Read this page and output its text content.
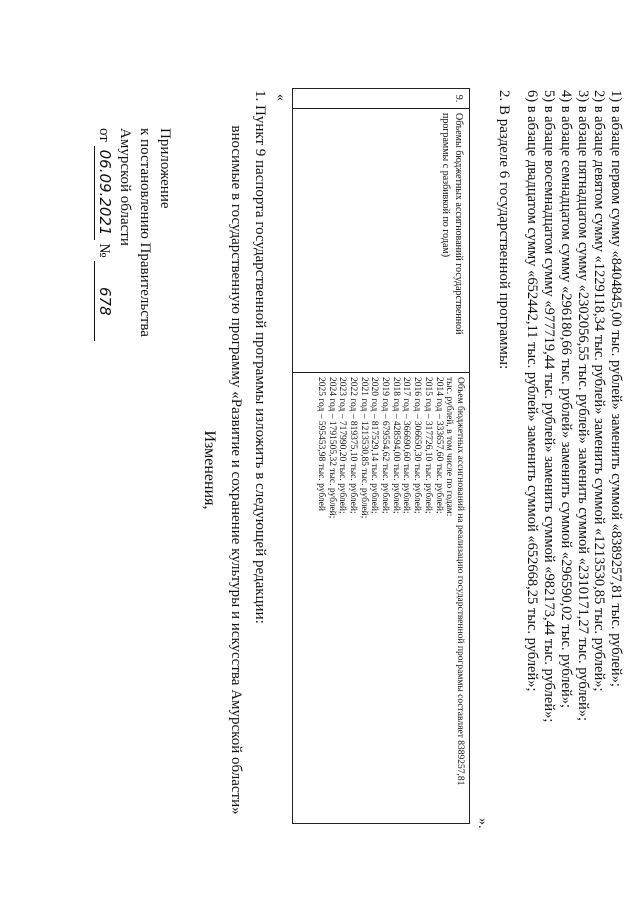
Приложение
к постановлению Правительства
Амурской области
от 06.09.2021 № 678
Изменения, вносимые в государственную программу «Развитие и сохранение культуры и искусства Амурской области» 1. Пункт 9 паспорта государственной программы изложить в следующей редакции: «	9.
Объемы бюджетных ассигнований государственной программы с разбивкой по годам)
Объем бюджетных ассигнований на реализацию государственной программы составляет 8389257,81
тыс. рублей, в том числе по годам:
2014 год – 333657,60 тыс. рублей;
2015 год – 317726,10 тыс. рублей;
2016 год – 306650,30 тыс. рублей;
2017 год – 366690,60 тыс. рублей;
2018 год – 428594,00 тыс. рублей;
2019 год – 679554,62 тыс. рублей;
2020 год – 817529,14 тыс. рублей;
2021 год – 1213530,85 тыс. рублей;
2022 год – 819375,10 тыс. рублей;
2023 год – 717990,20 тыс. рублей;
2024 год – 1791505,32 тыс. рублей;
2025 год – 595453,98 тыс. рублей
».
2. В разделе 6 государственной программы:	1) в абзаце первом сумму «8404845,00 тыс. рублей» заменить суммой «8389257,81 тыс. рублей»;
2) в абзаце девятом сумму «1229118,34 тыс. рублей» заменить суммой «1213530,85 тыс. рублей»;
3) в абзаце пятнадцатом сумму «2302056,55 тыс. рублей» заменить суммой «2310171,27 тыс. рублей»;
4) в абзаце семнадцатом сумму «296180,66 тыс. рублей» заменить суммой «296590,02 тыс. рублей»;
5) в абзаце восемнадцатом сумму «977719,44 тыс. рублей» заменить суммой «982173,44 тыс. рублей»;
6) в абзаце двадцатом сумму «652442,11 тыс. рублей» заменить суммой «652668,25 тыс. рублей»;
